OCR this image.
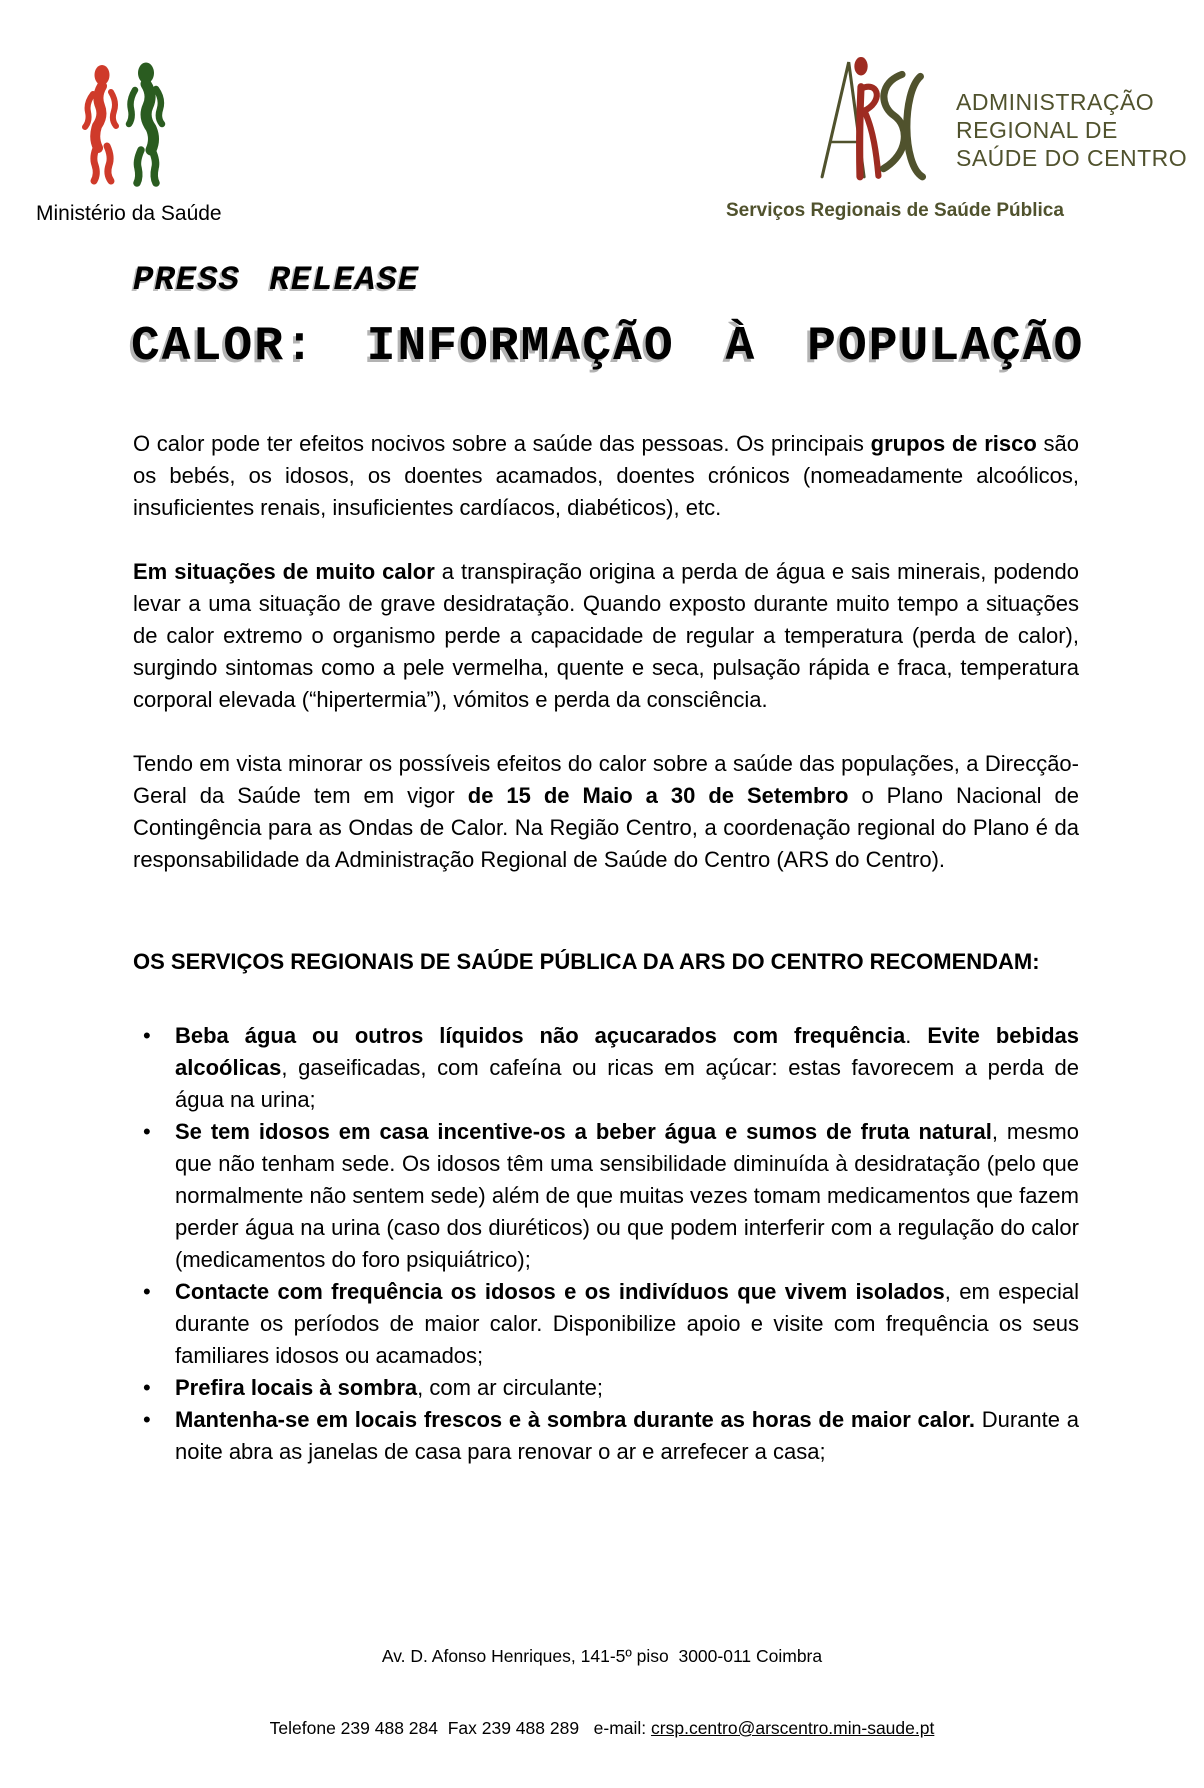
Ministério da Saúde
ADMINISTRAÇÃO
REGIONAL DE
SAÚDE DO CENTRO
Serviços Regionais de Saúde Pública
PRESS RELEASE
CALOR: INFORMAÇÃO À POPULAÇÃO

O calor pode ter efeitos nocivos sobre a saúde das pessoas. Os principais grupos de risco são os bebés, os idosos, os doentes acamados, doentes crónicos (nomeadamente alcoólicos, insuficientes renais, insuficientes cardíacos, diabéticos), etc.

Em situações de muito calor a transpiração origina a perda de água e sais minerais, podendo levar a uma situação de grave desidratação. Quando exposto durante muito tempo a situações de calor extremo o organismo perde a capacidade de regular a temperatura (perda de calor), surgindo sintomas como a pele vermelha, quente e seca, pulsação rápida e fraca, temperatura corporal elevada (“hipertermia”), vómitos e perda da consciência.

Tendo em vista minorar os possíveis efeitos do calor sobre a saúde das populações, a Direcção-Geral da Saúde tem em vigor de 15 de Maio a 30 de Setembro o Plano Nacional de Contingência para as Ondas de Calor. Na Região Centro, a coordenação regional do Plano é da responsabilidade da Administração Regional de Saúde do Centro (ARS do Centro).

OS SERVIÇOS REGIONAIS DE SAÚDE PÚBLICA DA ARS DO CENTRO RECOMENDAM:

• Beba água ou outros líquidos não açucarados com frequência. Evite bebidas alcoólicas, gaseificadas, com cafeína ou ricas em açúcar: estas favorecem a perda de água na urina;
• Se tem idosos em casa incentive-os a beber água e sumos de fruta natural, mesmo que não tenham sede. Os idosos têm uma sensibilidade diminuída à desidratação (pelo que normalmente não sentem sede) além de que muitas vezes tomam medicamentos que fazem perder água na urina (caso dos diuréticos) ou que podem interferir com a regulação do calor (medicamentos do foro psiquiátrico);
• Contacte com frequência os idosos e os indivíduos que vivem isolados, em especial durante os períodos de maior calor. Disponibilize apoio e visite com frequência os seus familiares idosos ou acamados;
• Prefira locais à sombra, com ar circulante;
• Mantenha-se em locais frescos e à sombra durante as horas de maior calor. Durante a noite abra as janelas de casa para renovar o ar e arrefecer a casa;

Av. D. Afonso Henriques, 141-5º piso  3000-011 Coimbra

Telefone 239 488 284  Fax 239 488 289   e-mail: crsp.centro@arscentro.min-saude.pt
